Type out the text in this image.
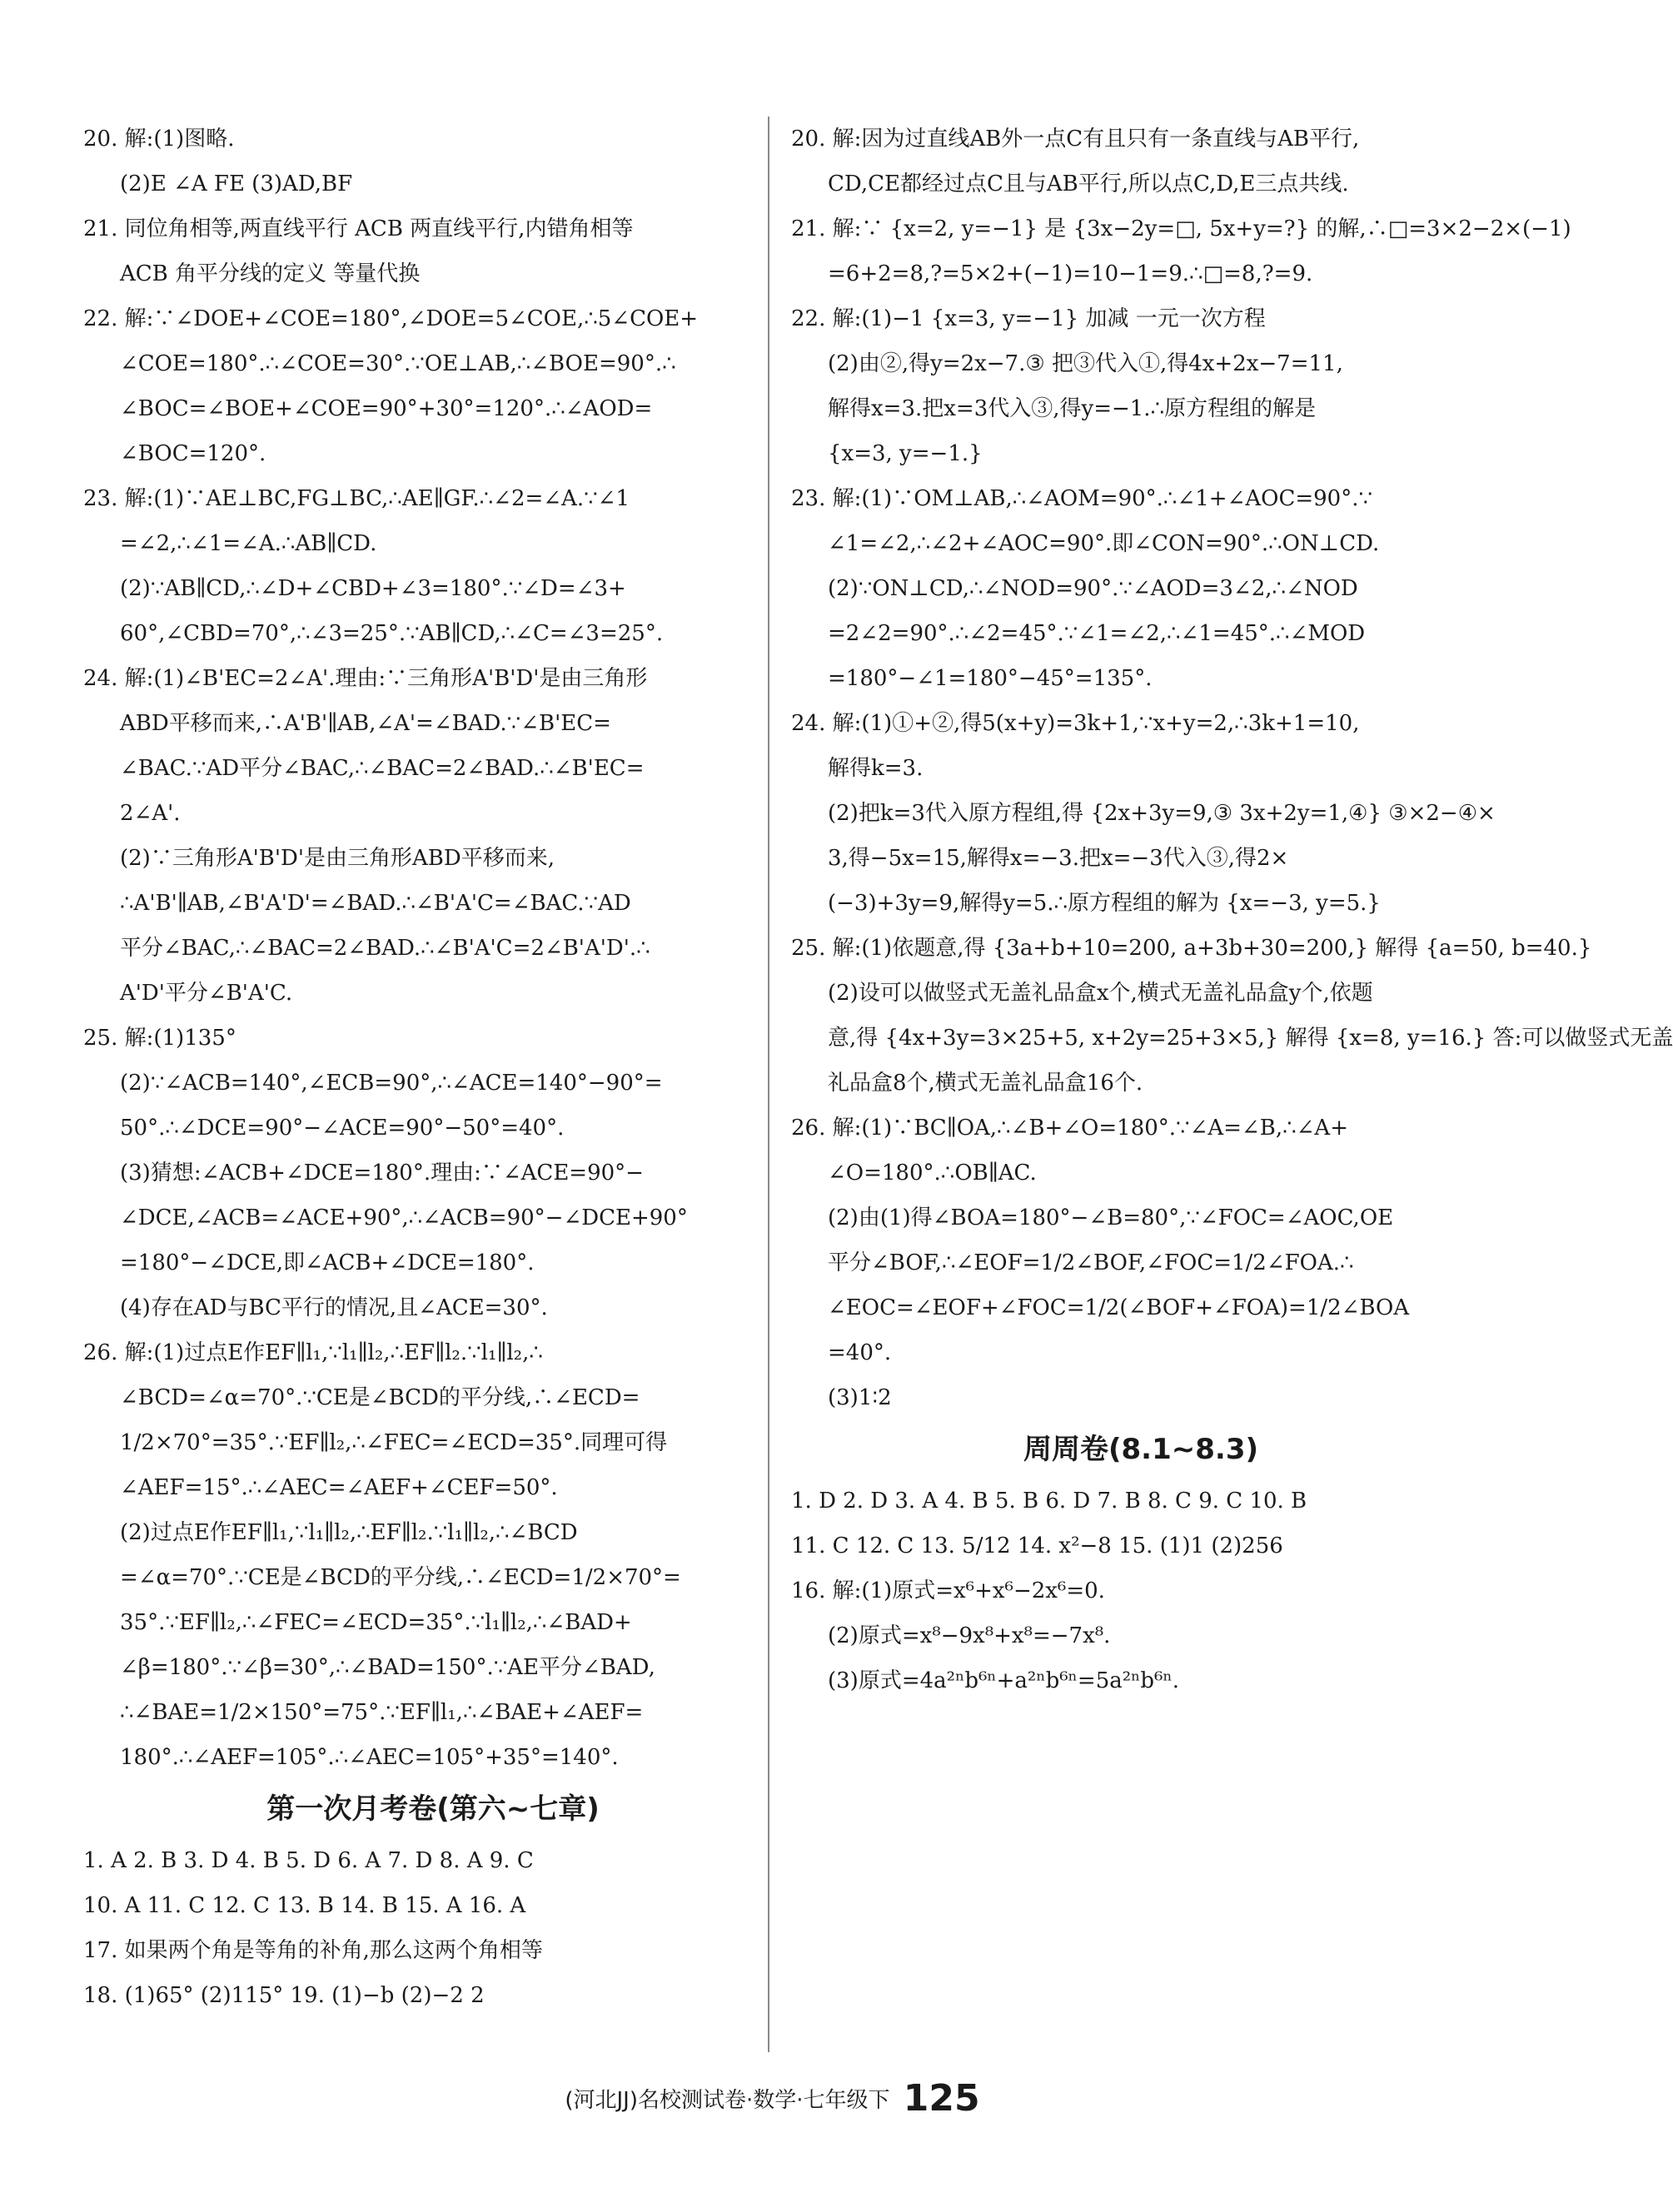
20. 解:(1)图略.
(2)E ∠A FE (3)AD,BF
21. 同位角相等,两直线平行 ACB 两直线平行,内错角相等
ACB 角平分线的定义 等量代换
22. 解:∵∠DOE+∠COE=180°,∠DOE=5∠COE,∴5∠COE+
∠COE=180°.∴∠COE=30°.∵OE⊥AB,∴∠BOE=90°.∴
∠BOC=∠BOE+∠COE=90°+30°=120°.∴∠AOD=
∠BOC=120°.
23. 解:(1)∵AE⊥BC,FG⊥BC,∴AE∥GF.∴∠2=∠A.∵∠1
=∠2,∴∠1=∠A.∴AB∥CD.
(2)∵AB∥CD,∴∠D+∠CBD+∠3=180°.∵∠D=∠3+
60°,∠CBD=70°,∴∠3=25°.∵AB∥CD,∴∠C=∠3=25°.
24. 解:(1)∠B'EC=2∠A'.理由:∵三角形A'B'D'是由三角形
ABD平移而来,∴A'B'∥AB,∠A'=∠BAD.∵∠B'EC=
∠BAC.∵AD平分∠BAC,∴∠BAC=2∠BAD.∴∠B'EC=
2∠A'.
(2)∵三角形A'B'D'是由三角形ABD平移而来,
∴A'B'∥AB,∠B'A'D'=∠BAD.∴∠B'A'C=∠BAC.∵AD
平分∠BAC,∴∠BAC=2∠BAD.∴∠B'A'C=2∠B'A'D'.∴
A'D'平分∠B'A'C.
25. 解:(1)135°
(2)∵∠ACB=140°,∠ECB=90°,∴∠ACE=140°−90°=
50°.∴∠DCE=90°−∠ACE=90°−50°=40°.
(3)猜想:∠ACB+∠DCE=180°.理由:∵∠ACE=90°−
∠DCE,∠ACB=∠ACE+90°,∴∠ACB=90°−∠DCE+90°
=180°−∠DCE,即∠ACB+∠DCE=180°.
(4)存在AD与BC平行的情况,且∠ACE=30°.
26. 解:(1)过点E作EF∥l₁,∵l₁∥l₂,∴EF∥l₂.∵l₁∥l₂,∴
∠BCD=∠α=70°.∵CE是∠BCD的平分线,∴∠ECD=
1/2×70°=35°.∵EF∥l₂,∴∠FEC=∠ECD=35°.同理可得
∠AEF=15°.∴∠AEC=∠AEF+∠CEF=50°.
(2)过点E作EF∥l₁,∵l₁∥l₂,∴EF∥l₂.∵l₁∥l₂,∴∠BCD
=∠α=70°.∵CE是∠BCD的平分线,∴∠ECD=1/2×70°=
35°.∵EF∥l₂,∴∠FEC=∠ECD=35°.∵l₁∥l₂,∴∠BAD+
∠β=180°.∵∠β=30°,∴∠BAD=150°.∵AE平分∠BAD,
∴∠BAE=1/2×150°=75°.∵EF∥l₁,∴∠BAE+∠AEF=
180°.∴∠AEF=105°.∴∠AEC=105°+35°=140°.
第一次月考卷(第六~七章)
1. A 2. B 3. D 4. B 5. D 6. A 7. D 8. A 9. C
10. A 11. C 12. C 13. B 14. B 15. A 16. A
17. 如果两个角是等角的补角,那么这两个角相等
18. (1)65° (2)115° 19. (1)−b (2)−2 2
20. 解:因为过直线AB外一点C有且只有一条直线与AB平行,
CD,CE都经过点C且与AB平行,所以点C,D,E三点共线.
21. 解:∵ {x=2, y=−1} 是 {3x−2y=□, 5x+y=?} 的解,∴□=3×2−2×(−1)
=6+2=8,?=5×2+(−1)=10−1=9.∴□=8,?=9.
22. 解:(1)−1 {x=3, y=−1} 加减 一元一次方程
(2)由②,得y=2x−7.③ 把③代入①,得4x+2x−7=11,
解得x=3.把x=3代入③,得y=−1.∴原方程组的解是
{x=3, y=−1.}
23. 解:(1)∵OM⊥AB,∴∠AOM=90°.∴∠1+∠AOC=90°.∵
∠1=∠2,∴∠2+∠AOC=90°.即∠CON=90°.∴ON⊥CD.
(2)∵ON⊥CD,∴∠NOD=90°.∵∠AOD=3∠2,∴∠NOD
=2∠2=90°.∴∠2=45°.∵∠1=∠2,∴∠1=45°.∴∠MOD
=180°−∠1=180°−45°=135°.
24. 解:(1)①+②,得5(x+y)=3k+1,∵x+y=2,∴3k+1=10,
解得k=3.
(2)把k=3代入原方程组,得 {2x+3y=9,③ 3x+2y=1,④} ③×2−④×
3,得−5x=15,解得x=−3.把x=−3代入③,得2×
(−3)+3y=9,解得y=5.∴原方程组的解为 {x=−3, y=5.}
25. 解:(1)依题意,得 {3a+b+10=200, a+3b+30=200,} 解得 {a=50, b=40.}
(2)设可以做竖式无盖礼品盒x个,横式无盖礼品盒y个,依题
意,得 {4x+3y=3×25+5, x+2y=25+3×5,} 解得 {x=8, y=16.} 答:可以做竖式无盖
礼品盒8个,横式无盖礼品盒16个.
26. 解:(1)∵BC∥OA,∴∠B+∠O=180°.∵∠A=∠B,∴∠A+
∠O=180°.∴OB∥AC.
(2)由(1)得∠BOA=180°−∠B=80°,∵∠FOC=∠AOC,OE
平分∠BOF,∴∠EOF=1/2∠BOF,∠FOC=1/2∠FOA.∴
∠EOC=∠EOF+∠FOC=1/2(∠BOF+∠FOA)=1/2∠BOA
=40°.
(3)1∶2
周周卷(8.1~8.3)
1. D 2. D 3. A 4. B 5. B 6. D 7. B 8. C 9. C 10. B
11. C 12. C 13. 5/12 14. x²−8 15. (1)1 (2)256
16. 解:(1)原式=x⁶+x⁶−2x⁶=0.
(2)原式=x⁸−9x⁸+x⁸=−7x⁸.
(3)原式=4a²ⁿb⁶ⁿ+a²ⁿb⁶ⁿ=5a²ⁿb⁶ⁿ.
(河北JJ)名校测试卷·数学·七年级下 125
